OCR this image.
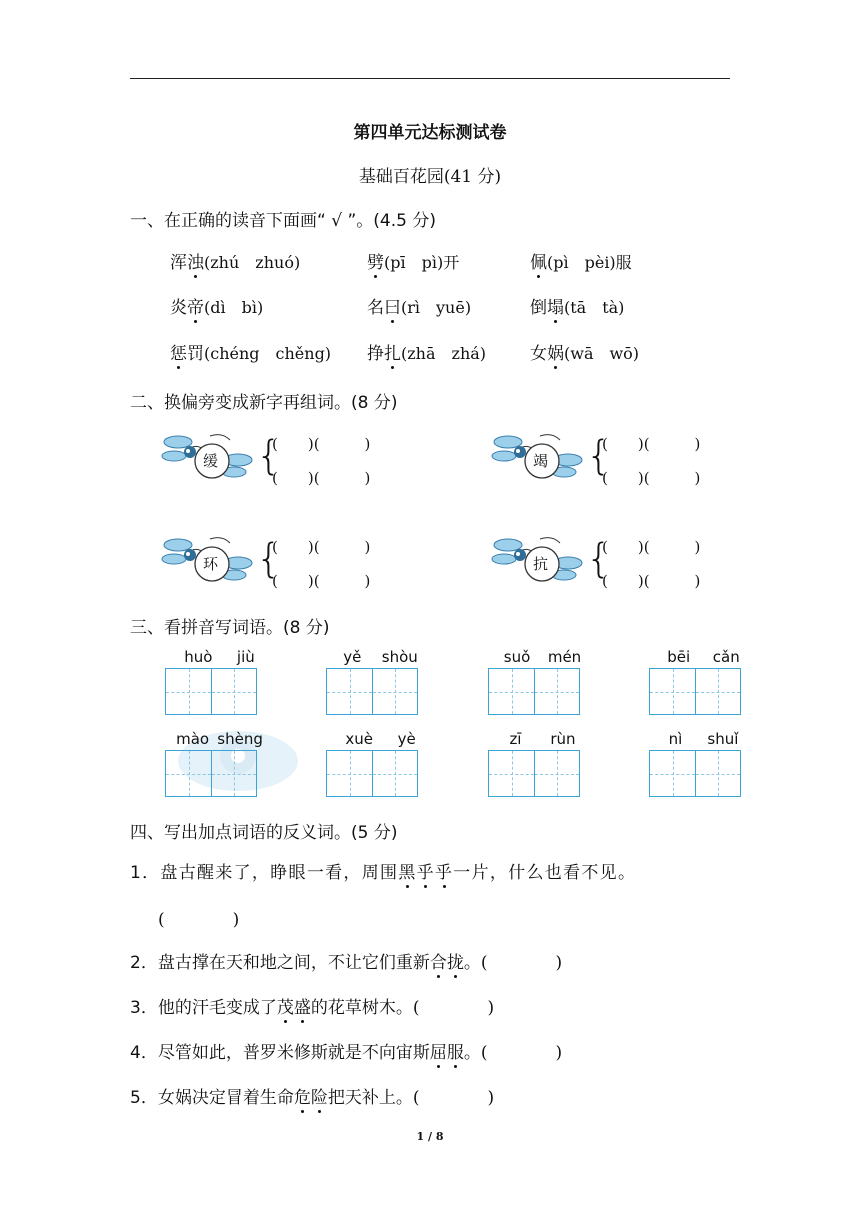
第四单元达标测试卷
基础百花园(41 分)
一、在正确的读音下面画“ √ ”。(4.5 分)
浑浊(zhú　zhuó)	劈(pī　pì)开	佩(pì　pèi)服
炎帝(dì　bì)	名曰(rì　yuē)	倒塌(tā　tà)
惩罚(chéng　chěng) 挣扎(zhā　zhá)	女娲(wā　wō)
二、换偏旁变成新字再组词。(8 分)
缓 {
(　　)(　　　)
(　　)(　　　)
竭 {
(　　)(　　　)
(　　)(　　　)
环 {
(　　)(　　　)
(　　)(　　　)
抗 {
(　　)(　　　)
(　　)(　　　)
三、看拼音写词语。(8 分)
huò jiù	yě shòu	suǒ mén	bēi cǎn
mào shèng	xuè yè	zī rùn	nì shuǐ
四、写出加点词语的反义词。(5 分)
1．盘古醒来了，睁眼一看，周围黑乎乎一片，什么也看不见。
(　　　　)
2．盘古撑在天和地之间，不让它们重新合拢。(　　　　)
3．他的汗毛变成了茂盛的花草树木。(　　　　)
4．尽管如此，普罗米修斯就是不向宙斯屈服。(　　　　)
5．女娲决定冒着生命危险把天补上。(　　　　)
1 / 8
